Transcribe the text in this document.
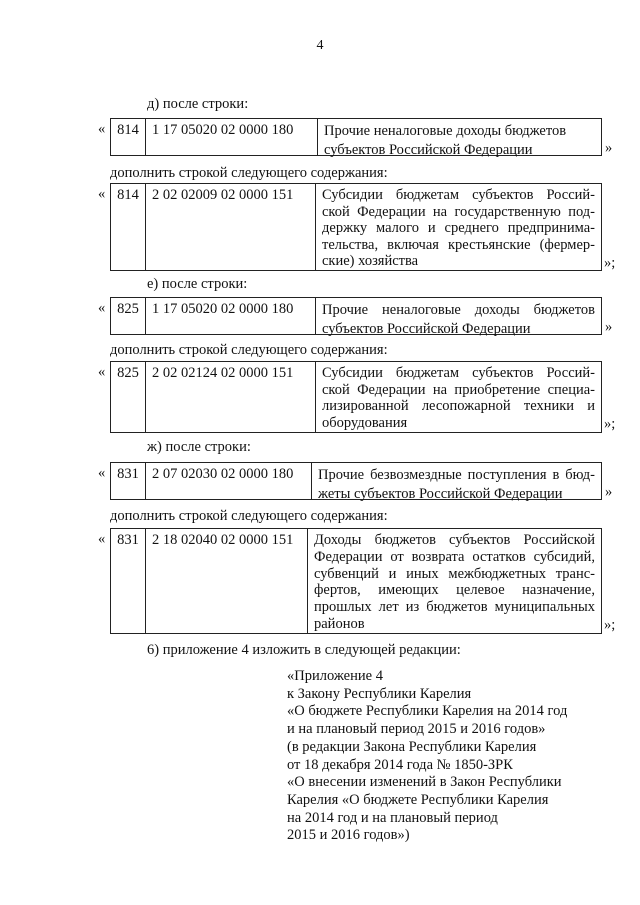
4
д) после строки:
« 814 1 17 05020 02 0000 180	Прочие неналоговые доходы бюджетов
субъектов Российской Федерации	»
дополнить строкой следующего содержания:
« 814 2 02 02009 02 0000 151	Субсидии бюджетам субъектов Россий-
ской Федерации на государственную под-
держку малого и среднего предпринима-
тельства, включая крестьянские (фермер-
ские) хозяйства	»;
е) после строки:
« 825 1 17 05020 02 0000 180	Прочие неналоговые доходы бюджетов
субъектов Российской Федерации	»
дополнить строкой следующего содержания:
« 825 2 02 02124 02 0000 151	Субсидии бюджетам субъектов Россий-
ской Федерации на приобретение специа-
лизированной лесопожарной техники и
оборудования	»;
ж) после строки:
« 831 2 07 02030 02 0000 180	Прочие безвозмездные поступления в бюд-
жеты субъектов Российской Федерации	»
дополнить строкой следующего содержания:
« 831 2 18 02040 02 0000 151	Доходы бюджетов субъектов Российской
Федерации от возврата остатков субсидий,
субвенций и иных межбюджетных транс-
фертов, имеющих целевое назначение,
прошлых лет из бюджетов муниципальных
районов	»;
6) приложение 4 изложить в следующей редакции:
«Приложение 4
к Закону Республики Карелия
«О бюджете Республики Карелия на 2014 год
и на плановый период 2015 и 2016 годов»
(в редакции Закона Республики Карелия
от 18 декабря 2014 года № 1850-ЗРК
«О внесении изменений в Закон Республики
Карелия «О бюджете Республики Карелия
на 2014 год и на плановый период
2015 и 2016 годов»)
